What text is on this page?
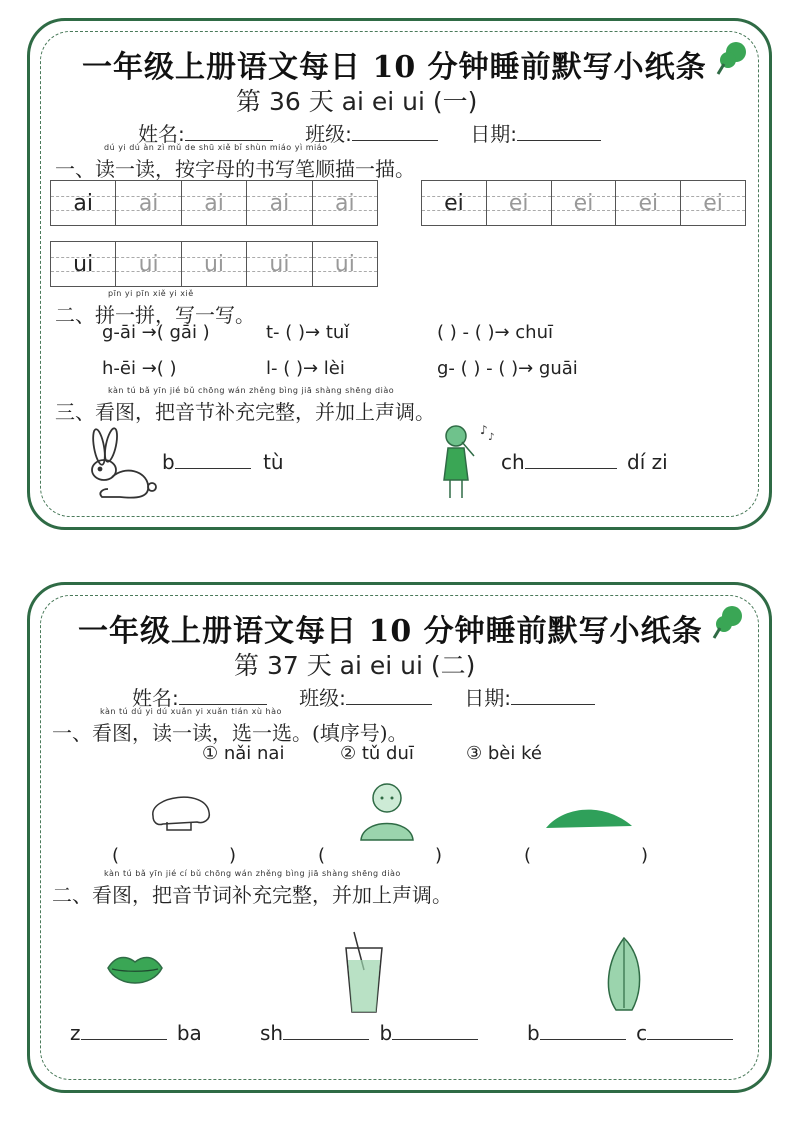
一年级上册语文每日 10 分钟睡前默写小纸条
第 36 天 ai ei ui (一)
姓名:	班级:	日期:
dú yi dú àn zì mǔ de shū xiě bǐ shùn miáo yì miáo
一、读一读，按字母的书写笔顺描一描。
ai ai ai ai ai	ei ei ei ei ei
ui ui ui ui ui
pīn yi pīn xiě yi xiě
二、拼一拼，写一写。
g-āi →( gāi )	t- ( )→ tuǐ	( ) - ( )→ chuī
h-ēi →( )	l- ( )→ lèi	g- ( ) - ( )→ guāi
kàn tú bǎ yīn jié bǔ chōng wán zhěng bìng jiā shàng shēng diào
三、看图，把音节补充完整，并加上声调。
b	tù
♪
♪
ch	dí zi
一年级上册语文每日 10 分钟睡前默写小纸条
第 37 天 ai ei ui (二)
姓名:	班级:	日期:
kàn tú dú yi dú xuǎn yi xuǎn tián xù hào
一、看图，读一读，选一选。(填序号)。
① nǎi nai	② tǔ duī	③ bèi ké
(	)	(	)	(	)
kàn tú bǎ yīn jié cí bǔ chōng wán zhěng bìng jiā shàng shēng diào
二、看图，把音节词补充完整，并加上声调。
z	ba	sh	b	b	c
